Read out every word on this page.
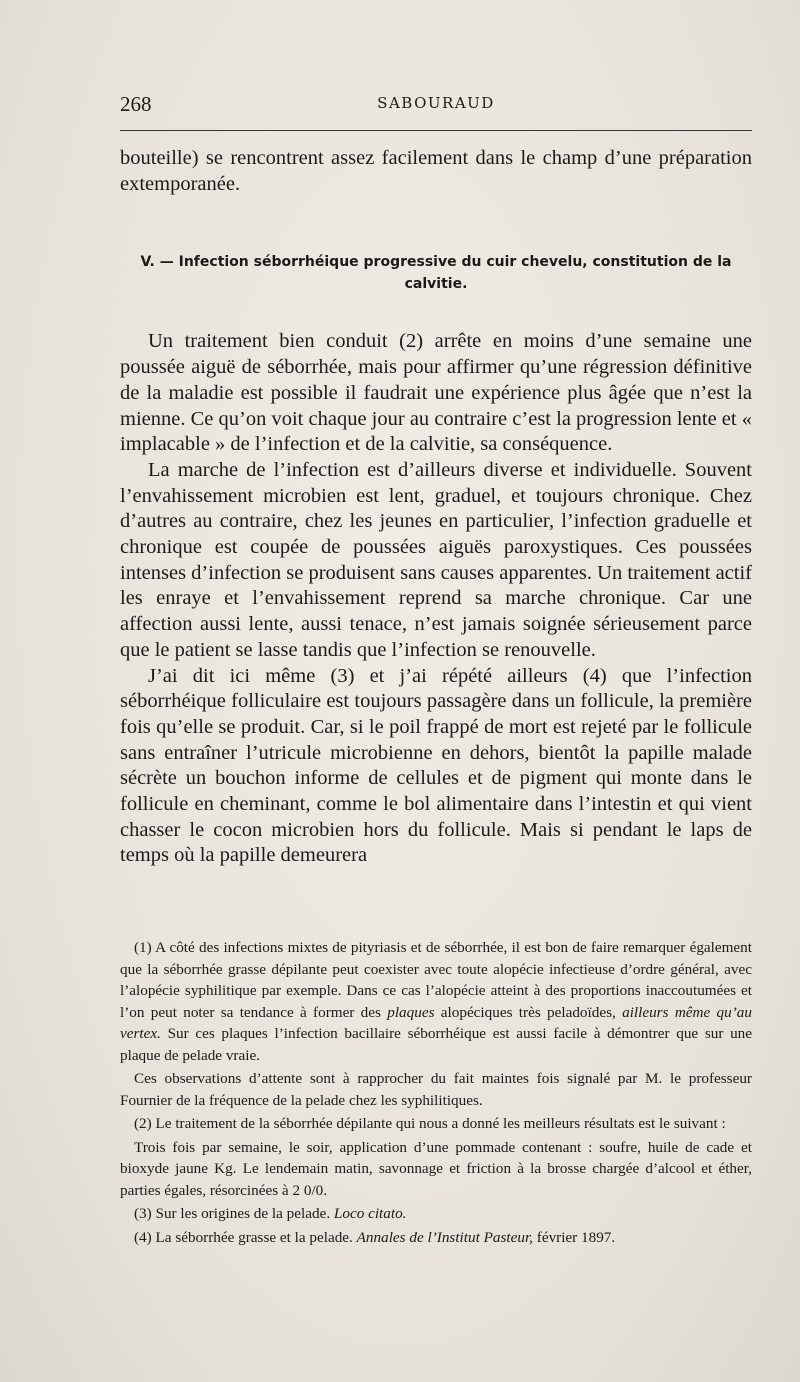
268	SABOURAUD

bouteille) se rencontrent assez facilement dans le champ d’une préparation extemporanée.

V. — Infection séborrhéique progressive du cuir chevelu, constitution de la calvitie.

Un traitement bien conduit (2) arrête en moins d’une semaine une poussée aiguë de séborrhée, mais pour affirmer qu’une régression définitive de la maladie est possible il faudrait une expérience plus âgée que n’est la mienne. Ce qu’on voit chaque jour au contraire c’est la progression lente et « implacable » de l’infection et de la calvitie, sa conséquence.

La marche de l’infection est d’ailleurs diverse et individuelle. Souvent l’envahissement microbien est lent, graduel, et toujours chronique. Chez d’autres au contraire, chez les jeunes en particulier, l’infection graduelle et chronique est coupée de poussées aiguës paroxystiques. Ces poussées intenses d’infection se produisent sans causes apparentes. Un traitement actif les enraye et l’envahissement reprend sa marche chronique. Car une affection aussi lente, aussi tenace, n’est jamais soignée sérieusement parce que le patient se lasse tandis que l’infection se renouvelle.

J’ai dit ici même (3) et j’ai répété ailleurs (4) que l’infection séborrhéique folliculaire est toujours passagère dans un follicule, la première fois qu’elle se produit. Car, si le poil frappé de mort est rejeté par le follicule sans entraîner l’utricule microbienne en dehors, bientôt la papille malade sécrète un bouchon informe de cellules et de pigment qui monte dans le follicule en cheminant, comme le bol alimentaire dans l’intestin et qui vient chasser le cocon microbien hors du follicule. Mais si pendant le laps de temps où la papille demeurera

(1) A côté des infections mixtes de pityriasis et de séborrhée, il est bon de faire remarquer également que la séborrhée grasse dépilante peut coexister avec toute alopécie infectieuse d’ordre général, avec l’alopécie syphilitique par exemple. Dans ce cas l’alopécie atteint à des proportions inaccoutumées et l’on peut noter sa tendance à former des plaques alopéciques très peladoïdes, ailleurs même qu’au vertex. Sur ces plaques l’infection bacillaire séborrhéique est aussi facile à démontrer que sur une plaque de pelade vraie.

Ces observations d’attente sont à rapprocher du fait maintes fois signalé par M. le professeur Fournier de la fréquence de la pelade chez les syphilitiques.

(2) Le traitement de la séborrhée dépilante qui nous a donné les meilleurs résultats est le suivant :

Trois fois par semaine, le soir, application d’une pommade contenant : soufre, huile de cade et bioxyde jaune Kg. Le lendemain matin, savonnage et friction à la brosse chargée d’alcool et éther, parties égales, résorcinées à 2 0/0.

(3) Sur les origines de la pelade. Loco citato.

(4) La séborrhée grasse et la pelade. Annales de l’Institut Pasteur, février 1897.
